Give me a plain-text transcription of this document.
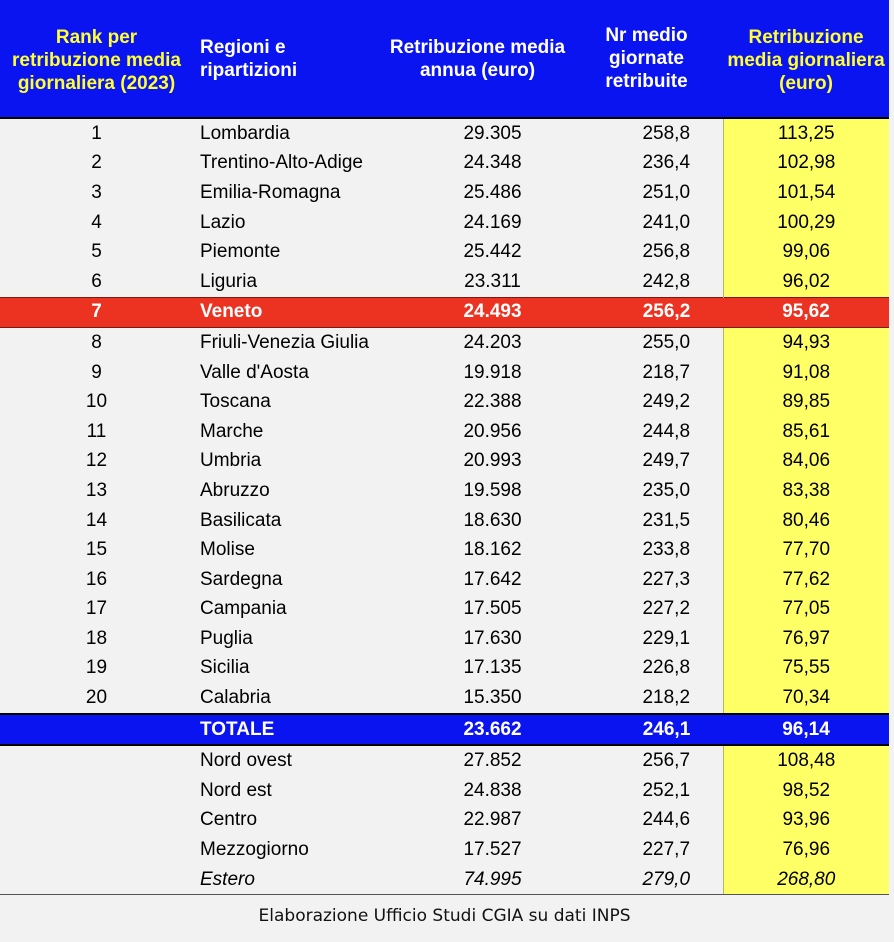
Rank per retribuzione media giornaliera (2023)	Regioni e ripartizioni	Retribuzione media annua (euro)	Nr medio giornate retribuite	Retribuzione media giornaliera (euro)
1	Lombardia	29.305	258,8	113,25
2	Trentino-Alto-Adige	24.348	236,4	102,98
3	Emilia-Romagna	25.486	251,0	101,54
4	Lazio	24.169	241,0	100,29
5	Piemonte	25.442	256,8	99,06
6	Liguria	23.311	242,8	96,02
7	Veneto	24.493	256,2	95,62
8	Friuli-Venezia Giulia	24.203	255,0	94,93
9	Valle d'Aosta	19.918	218,7	91,08
10	Toscana	22.388	249,2	89,85
11	Marche	20.956	244,8	85,61
12	Umbria	20.993	249,7	84,06
13	Abruzzo	19.598	235,0	83,38
14	Basilicata	18.630	231,5	80,46
15	Molise	18.162	233,8	77,70
16	Sardegna	17.642	227,3	77,62
17	Campania	17.505	227,2	77,05
18	Puglia	17.630	229,1	76,97
19	Sicilia	17.135	226,8	75,55
20	Calabria	15.350	218,2	70,34
	TOTALE	23.662	246,1	96,14
	Nord ovest	27.852	256,7	108,48
	Nord est	24.838	252,1	98,52
	Centro	22.987	244,6	93,96
	Mezzogiorno	17.527	227,7	76,96
	Estero	74.995	279,0	268,80
Elaborazione Ufficio Studi CGIA su dati INPS
